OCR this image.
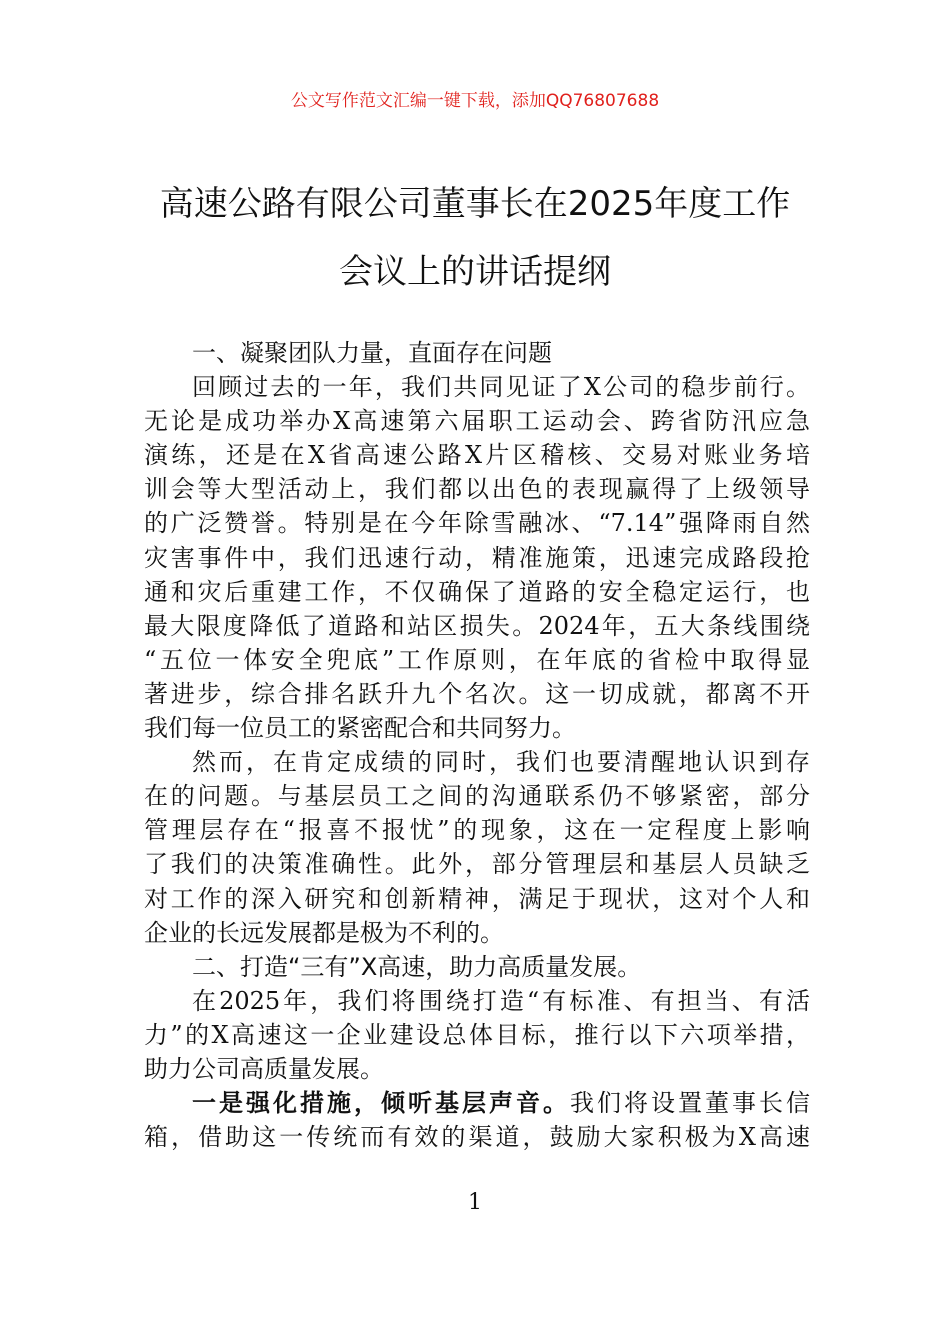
公文写作范文汇编一键下载，添加QQ76807688
高速公路有限公司董事长在2025年度工作
会议上的讲话提纲
一、凝聚团队力量，直面存在问题
回顾过去的一年，我们共同见证了X公司的稳步前行。
无论是成功举办X高速第六届职工运动会、跨省防汛应急
演练，还是在X省高速公路X片区稽核、交易对账业务培
训会等大型活动上，我们都以出色的表现赢得了上级领导
的广泛赞誉。特别是在今年除雪融冰、“7.14”强降雨自然
灾害事件中，我们迅速行动，精准施策，迅速完成路段抢
通和灾后重建工作，不仅确保了道路的安全稳定运行，也
最大限度降低了道路和站区损失。2024年，五大条线围绕
“五位一体安全兜底”工作原则，在年底的省检中取得显
著进步，综合排名跃升九个名次。这一切成就，都离不开
我们每一位员工的紧密配合和共同努力。
然而，在肯定成绩的同时，我们也要清醒地认识到存
在的问题。与基层员工之间的沟通联系仍不够紧密，部分
管理层存在“报喜不报忧”的现象，这在一定程度上影响
了我们的决策准确性。此外，部分管理层和基层人员缺乏
对工作的深入研究和创新精神，满足于现状，这对个人和
企业的长远发展都是极为不利的。
二、打造“三有”X高速，助力高质量发展。
在2025年，我们将围绕打造“有标准、有担当、有活
力”的X高速这一企业建设总体目标，推行以下六项举措，
助力公司高质量发展。
一是强化措施，倾听基层声音。我们将设置董事长信
箱，借助这一传统而有效的渠道，鼓励大家积极为X高速
1
